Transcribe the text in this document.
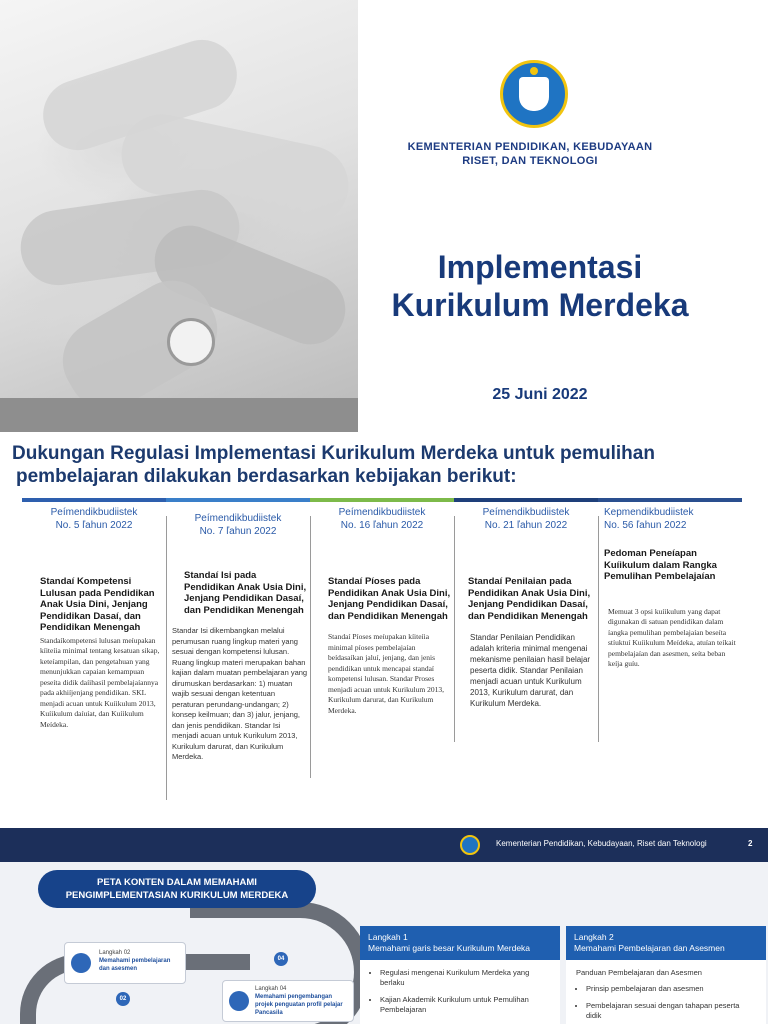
KEMENTERIAN PENDIDIKAN, KEBUDAYAAN
RISET, DAN TEKNOLOGI
Implementasi
Kurikulum Merdeka
25 Juni 2022
Dukungan Regulasi Implementasi Kurikulum Merdeka untuk pemulihan
pembelajaran dilakukan berdasarkan kebijakan berikut:
Peímendikbudiistek
No. 5 ľahun 2022
Standaí Kompetensi Lulusan pada Pendidikan Anak Usia Dini, Jenjang Pendidikan Dasaí, dan Pendidikan Menengah
Standaíkompetensi lulusan meíupakan kíiteíia minimal tentang kesatuan sikap, keteíampilan, dan pengetahuan yang menunjukkan capaian kemampuan peseíta didik daíihasil pembelajaíannya pada akhiíjenjang pendidikan. SKL menjadi acuan untuk Kuíikulum 2013, Kuíikulum daíuíat, dan Kuíikulum Meídeka.
Peímendikbudiistek
No. 7 ľahun 2022
Standaí Isi pada Pendidikan Anak Usia Dini, Jenjang Pendidikan Dasaí, dan Pendidikan Menengah
Standar Isi dikembangkan melalui perumusan ruang lingkup materi yang sesuai dengan kompetensi lulusan. Ruang lingkup materi merupakan bahan kajian dalam muatan pembelajaran yang dirumuskan berdasarkan: 1) muatan wajib sesuai dengan ketentuan peraturan perundang-undangan; 2) konsep keilmuan; dan 3) jalur, jenjang, dan jenis pendidikan. Standar Isi menjadi acuan untuk Kurikulum 2013, Kurikulum darurat, dan Kurikulum Merdeka.
Peímendikbudiistek
No. 16 ľahun 2022
Standaí Píoses pada Pendidikan Anak Usia Dini, Jenjang Pendidikan Dasaí, dan Pendidikan Menengah
Standaí Píoses meíupakan kíiteíia minimal píoses pembelajaían beídasaíkan jaluí, jenjang, dan jenis pendidikan untuk mencapai standaí kompetensi lulusan. Standar Proses menjadi acuan untuk Kurikulum 2013, Kurikulum darurat, dan Kurikulum Merdeka.
Peímendikbudiistek
No. 21 ľahun 2022
Standaí Penilaian pada Pendidikan Anak Usia Dini, Jenjang Pendidikan Dasaí, dan Pendidikan Menengah
Standar Penilaian Pendidikan adalah kriteria minimal mengenai mekanisme penilaian hasil belajar peserta didik. Standar Penilaian menjadi acuan untuk Kurikulum 2013, Kurikulum darurat, dan Kurikulum Merdeka.
Kepmendikbudiistek
No. 56 ľahun 2022
Pedoman Peneíapan Kuíikulum dalam Rangka Pemulihan Pembelajaían
Memuat 3 opsi kuíikulum yang dapat digunakan di satuan pendidikan dalam íangka pemulihan pembelajaían beseíta stíuktuí Kuíikulum Meídeka, atuían teíkait pembelajaían dan asesmen, seíta beban keíja guíu.
Kementerian Pendidikan, Kebudayaan, Riset dan Teknologi	2
PETA KONTEN DALAM MEMAHAMI
PENGIMPLEMENTASIAN KURIKULUM MERDEKA
Langkah 02
Memahami pembelajaran dan asesmen
02
Langkah 04
Memahami pengembangan projek penguatan profil pelajar Pancasila
04
Langkah 1
Memahami garis besar Kurikulum Merdeka
• Regulasi mengenai Kurikulum Merdeka yang berlaku
• Kajian Akademik Kurikulum untuk Pemulihan Pembelajaran
Langkah 2
Memahami Pembelajaran dan Asesmen
Panduan Pembelajaran dan Asesmen
• Prinsip pembelajaran dan asesmen
• Pembelajaran sesuai dengan tahapan peserta didik
